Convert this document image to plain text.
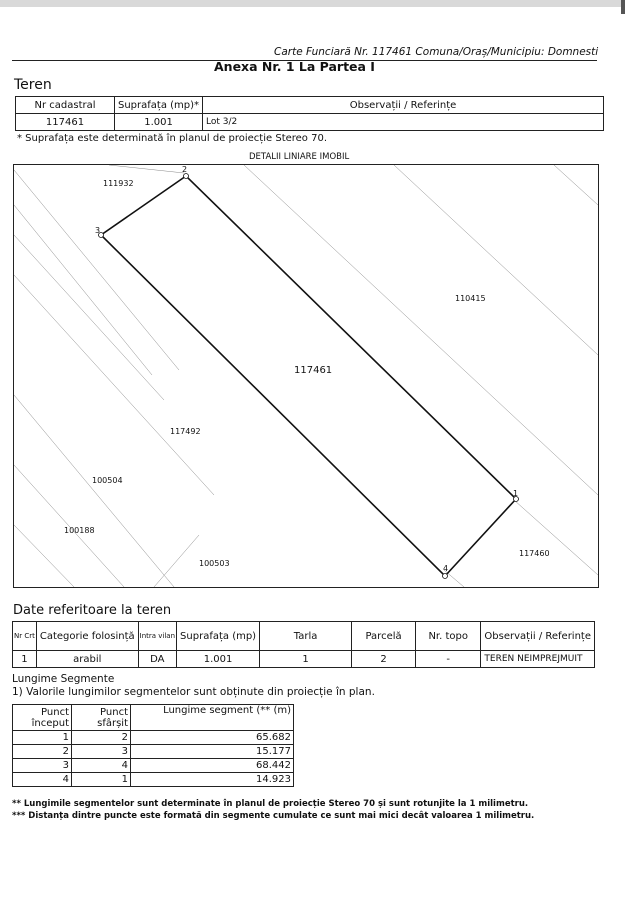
Carte Funciară Nr. 117461 Comuna/Oraș/Municipiu: Domnesti
Anexa Nr. 1 La Partea I
Teren
Nr cadastral	Suprafața (mp)*	Observații / Referințe
117461	1.001	Lot 3/2
* Suprafața este determinată în planul de proiecție Stereo 70.
DETALII LINIARE IMOBIL
1
2
3
4
117461
111932
110415
117492
100504
100188
100503
117460
Date referitoare la teren
Nr Crt	Categorie folosință	Intra vilan	Suprafața (mp)	Tarla	Parcelă	Nr. topo	Observații / Referințe
1	arabil	DA	1.001	1	2	-	TEREN NEIMPREJMUIT
Lungime Segmente
1) Valorile lungimilor segmentelor sunt obținute din proiecție în plan.
Punct început	Punct sfârșit	Lungime segment (** (m)
1	2	65.682
2	3	15.177
3	4	68.442
4	1	14.923
** Lungimile segmentelor sunt determinate în planul de proiecție Stereo 70 și sunt rotunjite la 1 milimetru.
*** Distanța dintre puncte este formată din segmente cumulate ce sunt mai mici decât valoarea 1 milimetru.
